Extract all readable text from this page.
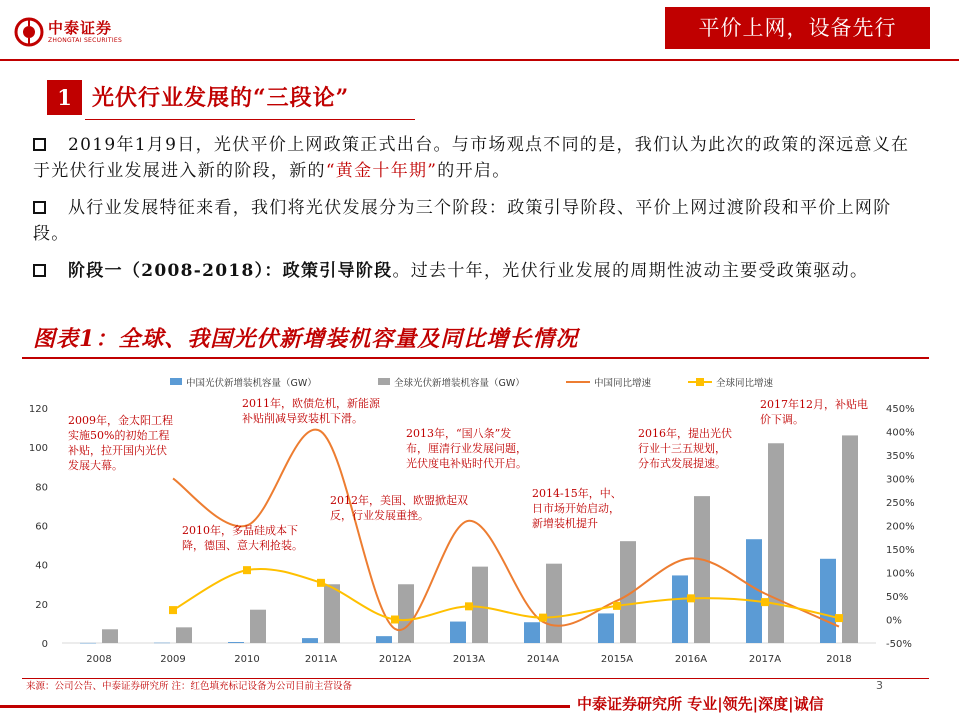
中泰证券
ZHONGTAI SECURITIES	平价上网，设备先行
1 光伏行业发展的“三段论”
2019年1月9日，光伏平价上网政策正式出台。与市场观点不同的是，我们认为此次的政策的深远意义在于光伏行业发展进入新的阶段，新的“黄金十年期”的开启。
从行业发展特征来看，我们将光伏发展分为三个阶段：政策引导阶段、平价上网过渡阶段和平价上网阶段。
阶段一（2008-2018）：政策引导阶段。过去十年，光伏行业发展的周期性波动主要受政策驱动。
图表1：全球、我国光伏新增装机容量及同比增长情况
0
20
40
60
80
100
120
-50%
0%
50%
100%
150%
200%
250%
300%
350%
400%
450%
2008	2009	2010	2011A	2012A	2013A	2014A	2015A	2016A	2017A	2018
中国光伏新增装机容量（GW）	全球光伏新增装机容量（GW）	中国同比增速	全球同比增速
2009年，金太阳工程
实施50%的初始工程
补贴，拉开国内光伏
发展大幕。
2011年，欧债危机，新能源
补贴削减导致装机下滑。
2013年，“国八条”发
布，厘清行业发展问题，
光伏度电补贴时代开启。
2016年，提出光伏
行业十三五规划，
分布式发展提速。
2017年12月，补贴电
价下调。
2012年，美国、欧盟掀起双
反，行业发展重挫。
2014-15年，中、
日市场开始启动，
新增装机提升
2010年，多晶硅成本下
降，德国、意大利抢装。
来源：公司公告、中泰证券研究所 注：红色填充标记设备为公司目前主营设备	3
中泰证券研究所 专业|领先|深度|诚信
